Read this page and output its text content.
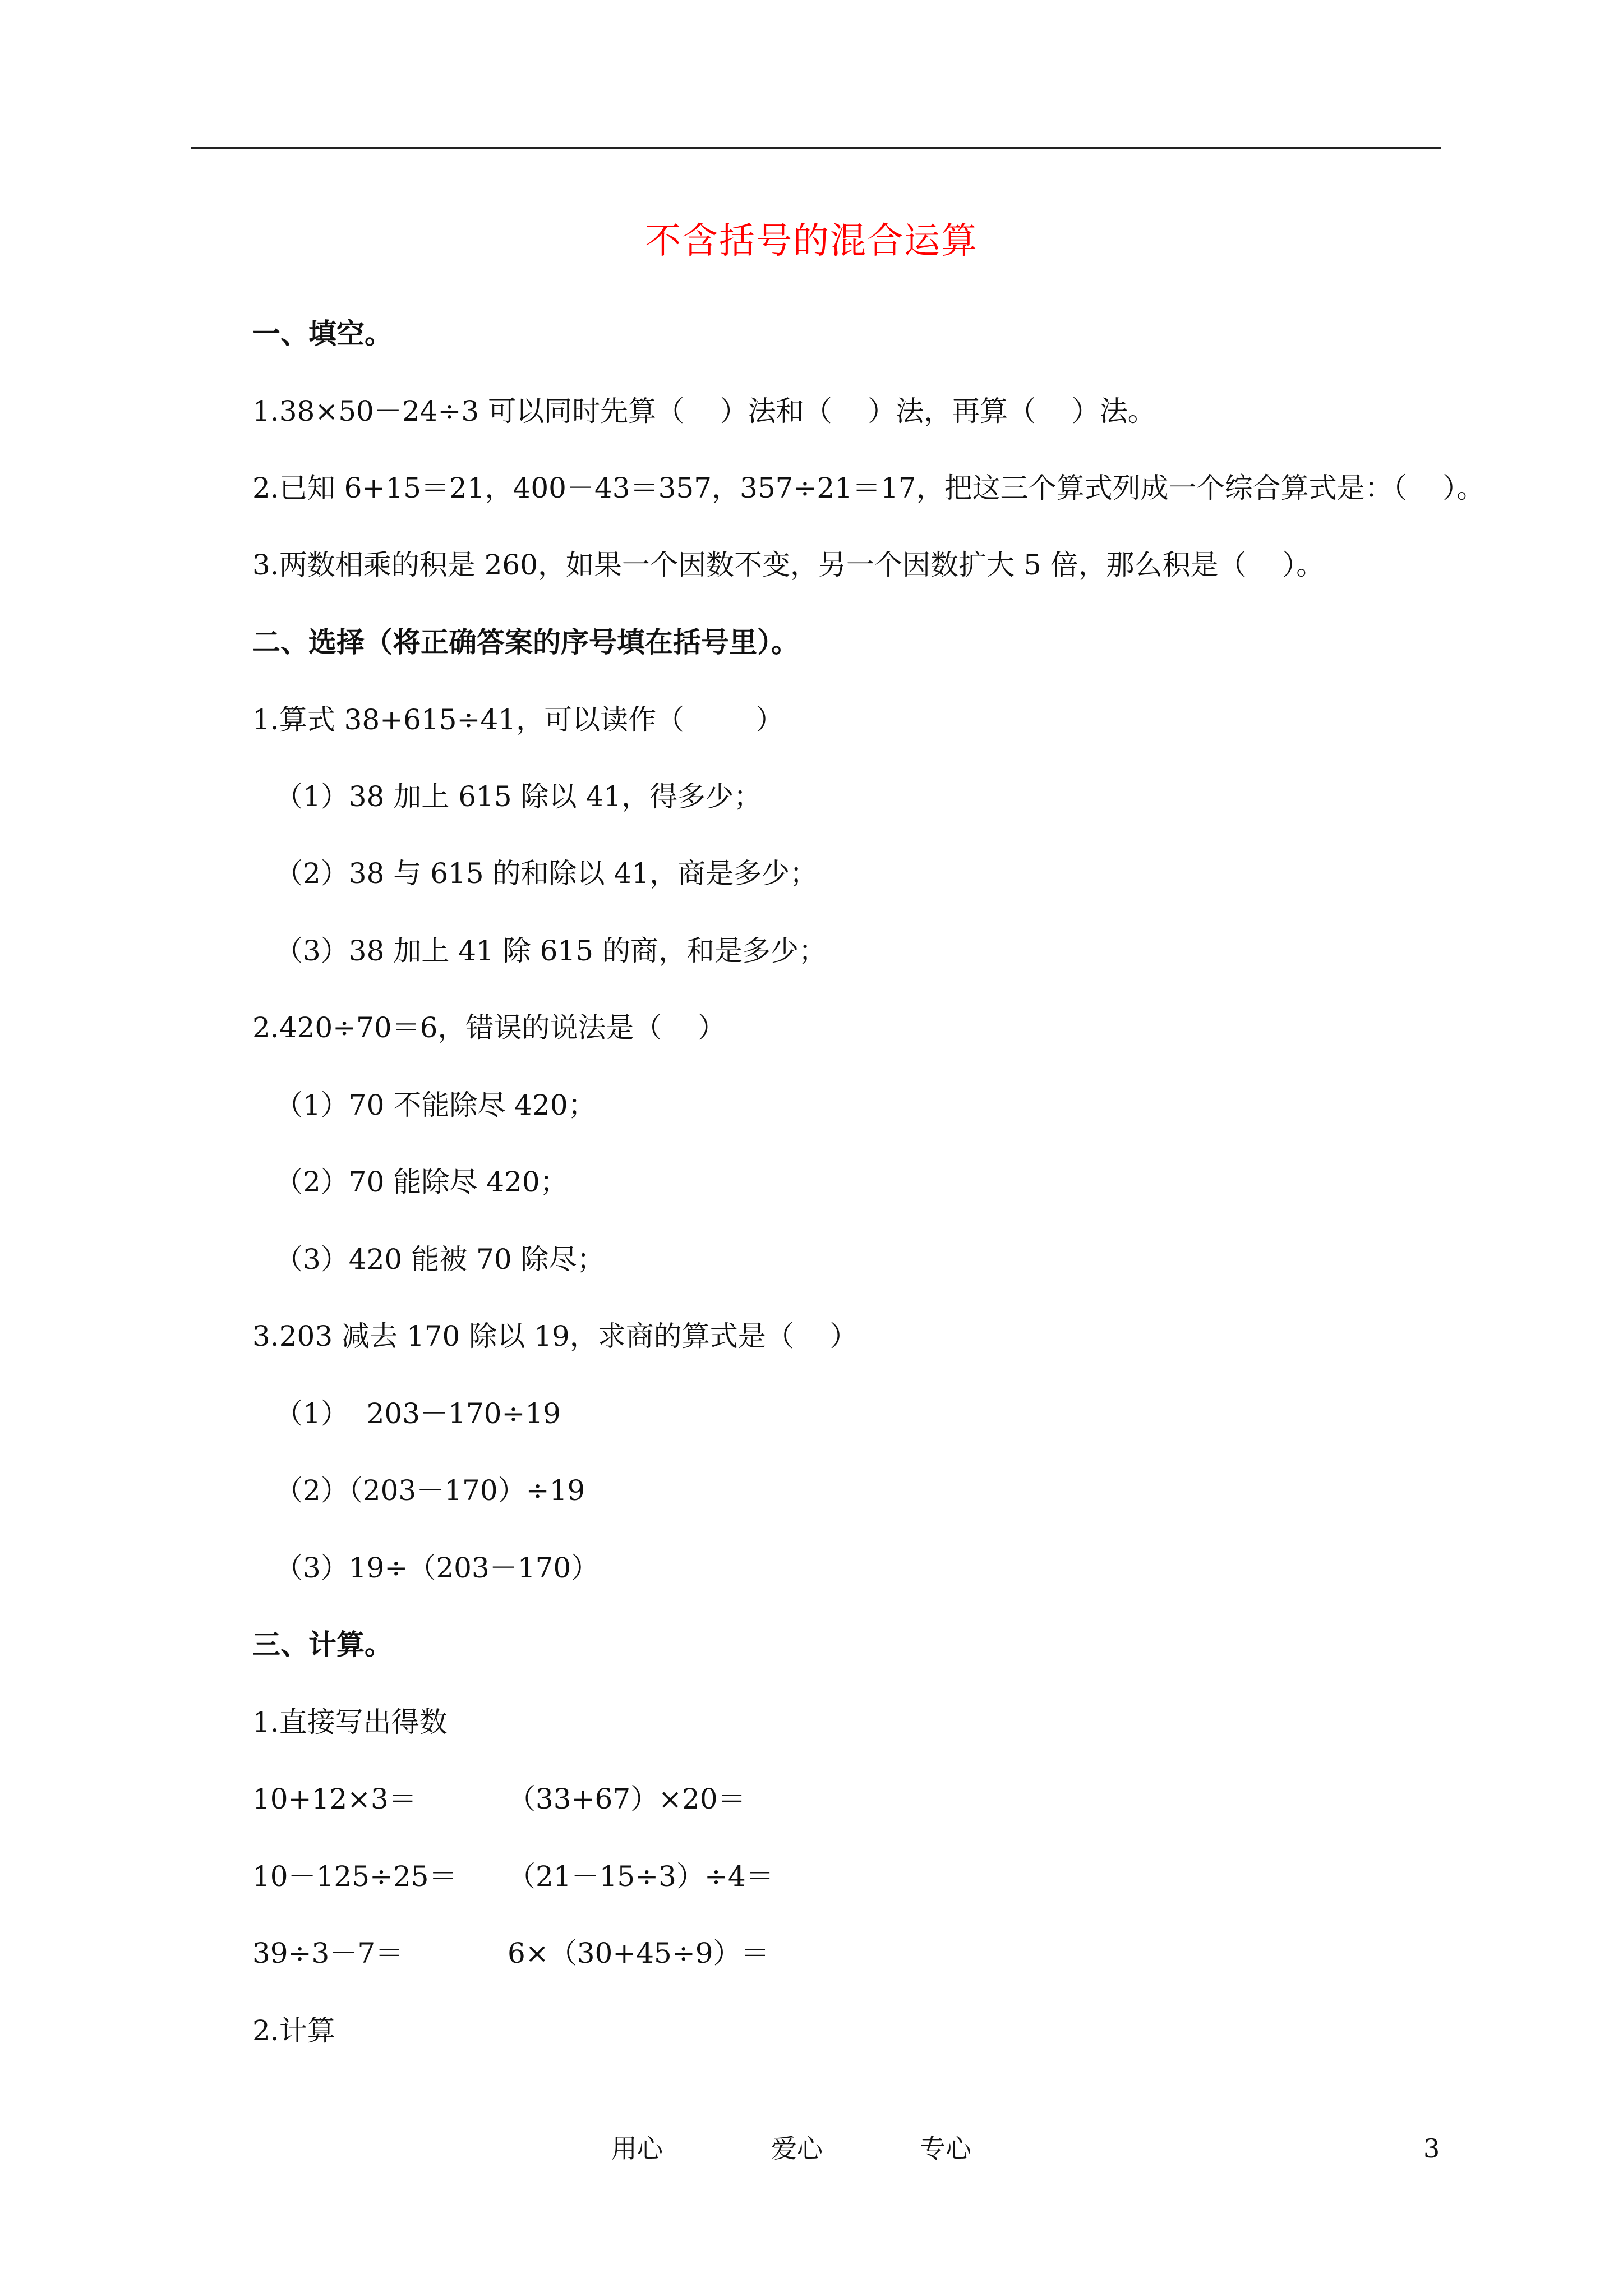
不含括号的混合运算
一、填空。
1.38×50－24÷3 可以同时先算（    ）法和（    ）法，再算（    ）法。
2.已知 6+15＝21，400－43＝357，357÷21＝17，把这三个算式列成一个综合算式是：（    ）。
3.两数相乘的积是 260，如果一个因数不变，另一个因数扩大 5 倍，那么积是（    ）。
二、选择（将正确答案的序号填在括号里）。
1.算式 38+615÷41，可以读作（        ）
（1）38 加上 615 除以 41，得多少；
（2）38 与 615 的和除以 41，商是多少；
（3）38 加上 41 除 615 的商，和是多少；
2.420÷70＝6，错误的说法是（    ）
（1）70 不能除尽 420；
（2）70 能除尽 420；
（3）420 能被 70 除尽；
3.203 减去 170 除以 19，求商的算式是（    ）
（1）  203－170÷19
（2）（203－170）÷19
（3）19÷（203－170）
三、计算。
1.直接写出得数
10+12×3＝	（33+67）×20＝
10－125÷25＝ （21－15÷3）÷4＝
39÷3－7＝	6×（30+45÷9）＝
2.计算
用心	爱心	专心	3
